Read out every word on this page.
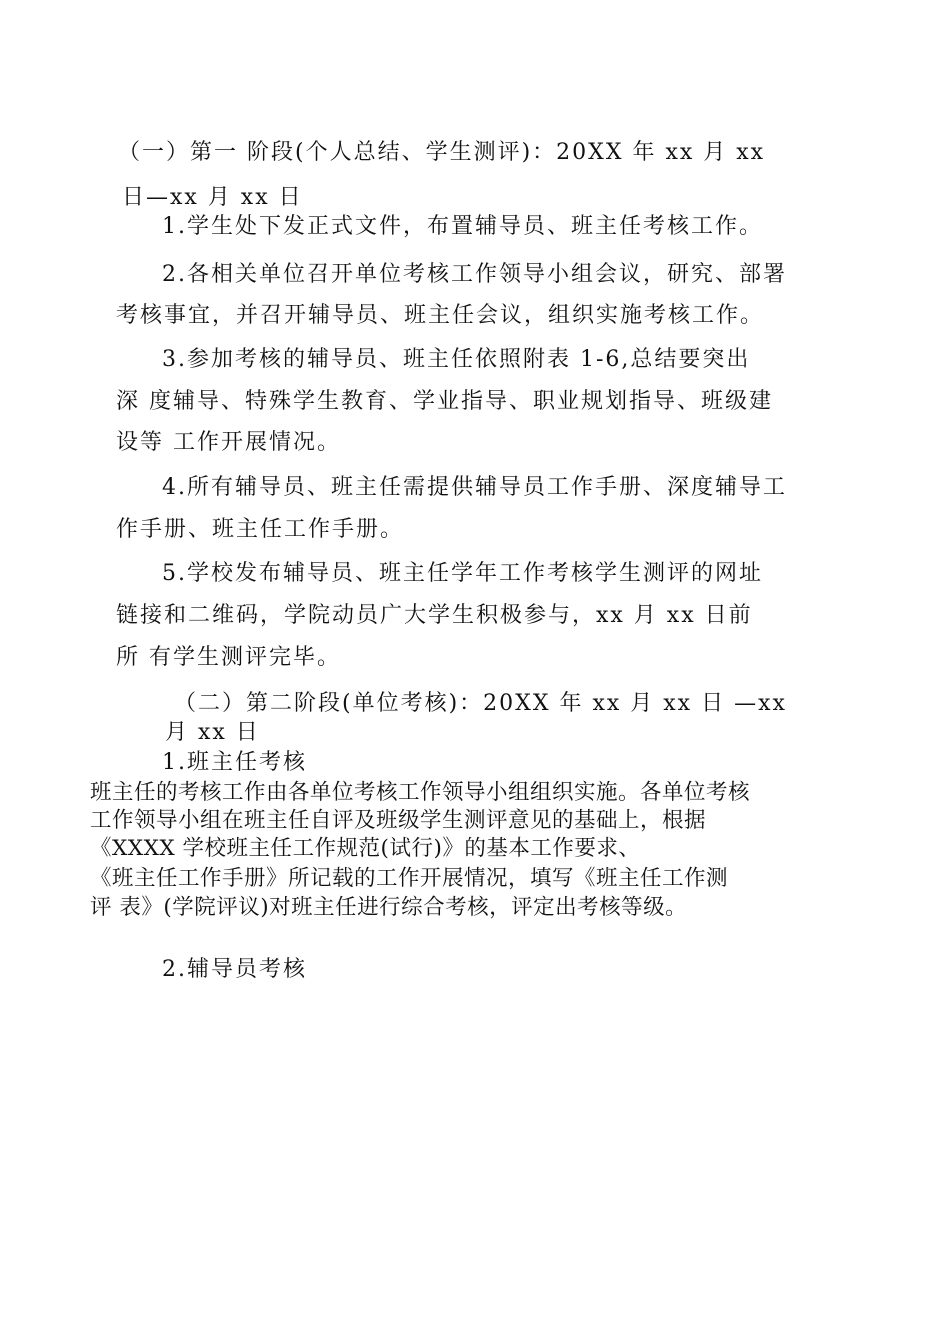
（一）第一 阶段(个人总结、学生测评)：20XX 年 xx 月 xx
日—xx 月 xx 日
1.学生处下发正式文件，布置辅导员、班主任考核工作。
2.各相关单位召开单位考核工作领导小组会议，研究、部署
考核事宜，并召开辅导员、班主任会议，组织实施考核工作。
3.参加考核的辅导员、班主任依照附表 1-6,总结要突出
深 度辅导、特殊学生教育、学业指导、职业规划指导、班级建
设等 工作开展情况。
4.所有辅导员、班主任需提供辅导员工作手册、深度辅导工
作手册、班主任工作手册。
5.学校发布辅导员、班主任学年工作考核学生测评的网址
链接和二维码，学院动员广大学生积极参与，xx 月 xx 日前
所 有学生测评完毕。
（二）第二阶段(单位考核)：20XX 年 xx 月 xx 日 —xx
月 xx 日
1.班主任考核
班主任的考核工作由各单位考核工作领导小组组织实施。各单位考核
工作领导小组在班主任自评及班级学生测评意见的基础上，根据
《XXXX 学校班主任工作规范(试行)》的基本工作要求、
《班主任工作手册》所记载的工作开展情况，填写《班主任工作测
评 表》(学院评议)对班主任进行综合考核，评定出考核等级。
2.辅导员考核
